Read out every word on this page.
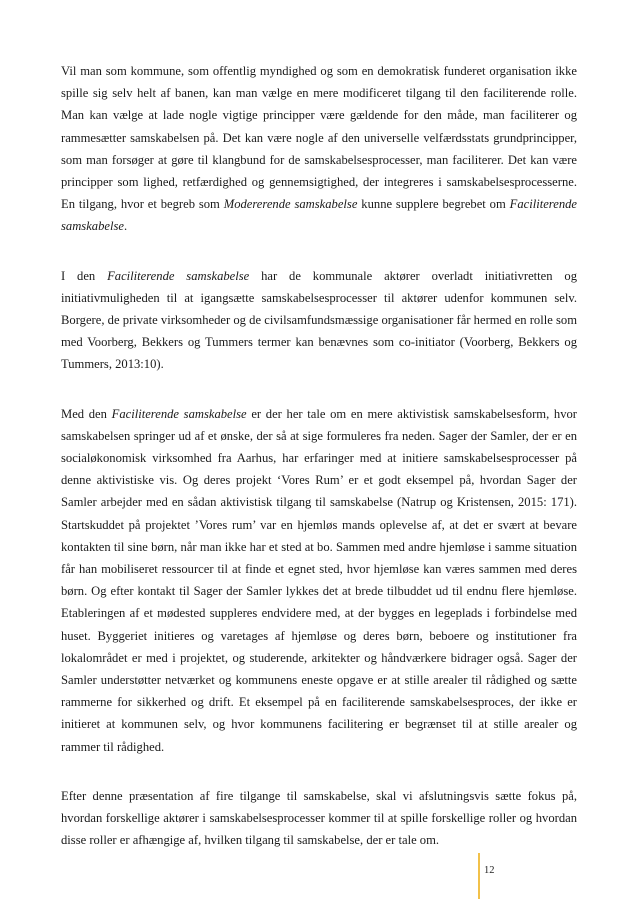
Vil man som kommune, som offentlig myndighed og som en demokratisk funderet organisation ikke spille sig selv helt af banen, kan man vælge en mere modificeret tilgang til den faciliterende rolle. Man kan vælge at lade nogle vigtige principper være gældende for den måde, man faciliterer og rammesætter samskabelsen på. Det kan være nogle af den universelle velfærdsstats grundprincipper, som man forsøger at gøre til klangbund for de samskabelsesprocesser, man faciliterer. Det kan være principper som lighed, retfærdighed og gennemsigtighed, der integreres i samskabelsesprocesserne. En tilgang, hvor et begreb som Modererende samskabelse kunne supplere begrebet om Faciliterende samskabelse.

I den Faciliterende samskabelse har de kommunale aktører overladt initiativretten og initiativmuligheden til at igangsætte samskabelsesprocesser til aktører udenfor kommunen selv. Borgere, de private virksomheder og de civilsamfundsmæssige organisationer får hermed en rolle som med Voorberg, Bekkers og Tummers termer kan benævnes som co-initiator (Voorberg, Bekkers og Tummers, 2013:10).

Med den Faciliterende samskabelse er der her tale om en mere aktivistisk samskabelsesform, hvor samskabelsen springer ud af et ønske, der så at sige formuleres fra neden. Sager der Samler, der er en socialøkonomisk virksomhed fra Aarhus, har erfaringer med at initiere samskabelsesprocesser på denne aktivistiske vis. Og deres projekt ‘Vores Rum’ er et godt eksempel på, hvordan Sager der Samler arbejder med en sådan aktivistisk tilgang til samskabelse (Natrup og Kristensen, 2015: 171). Startskuddet på projektet ’Vores rum’ var en hjemløs mands oplevelse af, at det er svært at bevare kontakten til sine børn, når man ikke har et sted at bo. Sammen med andre hjemløse i samme situation får han mobiliseret ressourcer til at finde et egnet sted, hvor hjemløse kan væres sammen med deres børn. Og efter kontakt til Sager der Samler lykkes det at brede tilbuddet ud til endnu flere hjemløse. Etableringen af et mødested suppleres endvidere med, at der bygges en legeplads i forbindelse med huset. Byggeriet initieres og varetages af hjemløse og deres børn, beboere og institutioner fra lokalområdet er med i projektet, og studerende, arkitekter og håndværkere bidrager også. Sager der Samler understøtter netværket og kommunens eneste opgave er at stille arealer til rådighed og sætte rammerne for sikkerhed og drift. Et eksempel på en faciliterende samskabelsesproces, der ikke er initieret at kommunen selv, og hvor kommunens facilitering er begrænset til at stille arealer og rammer til rådighed.

Efter denne præsentation af fire tilgange til samskabelse, skal vi afslutningsvis sætte fokus på, hvordan forskellige aktører i samskabelsesprocesser kommer til at spille forskellige roller og hvordan disse roller er afhængige af, hvilken tilgang til samskabelse, der er tale om.

12
